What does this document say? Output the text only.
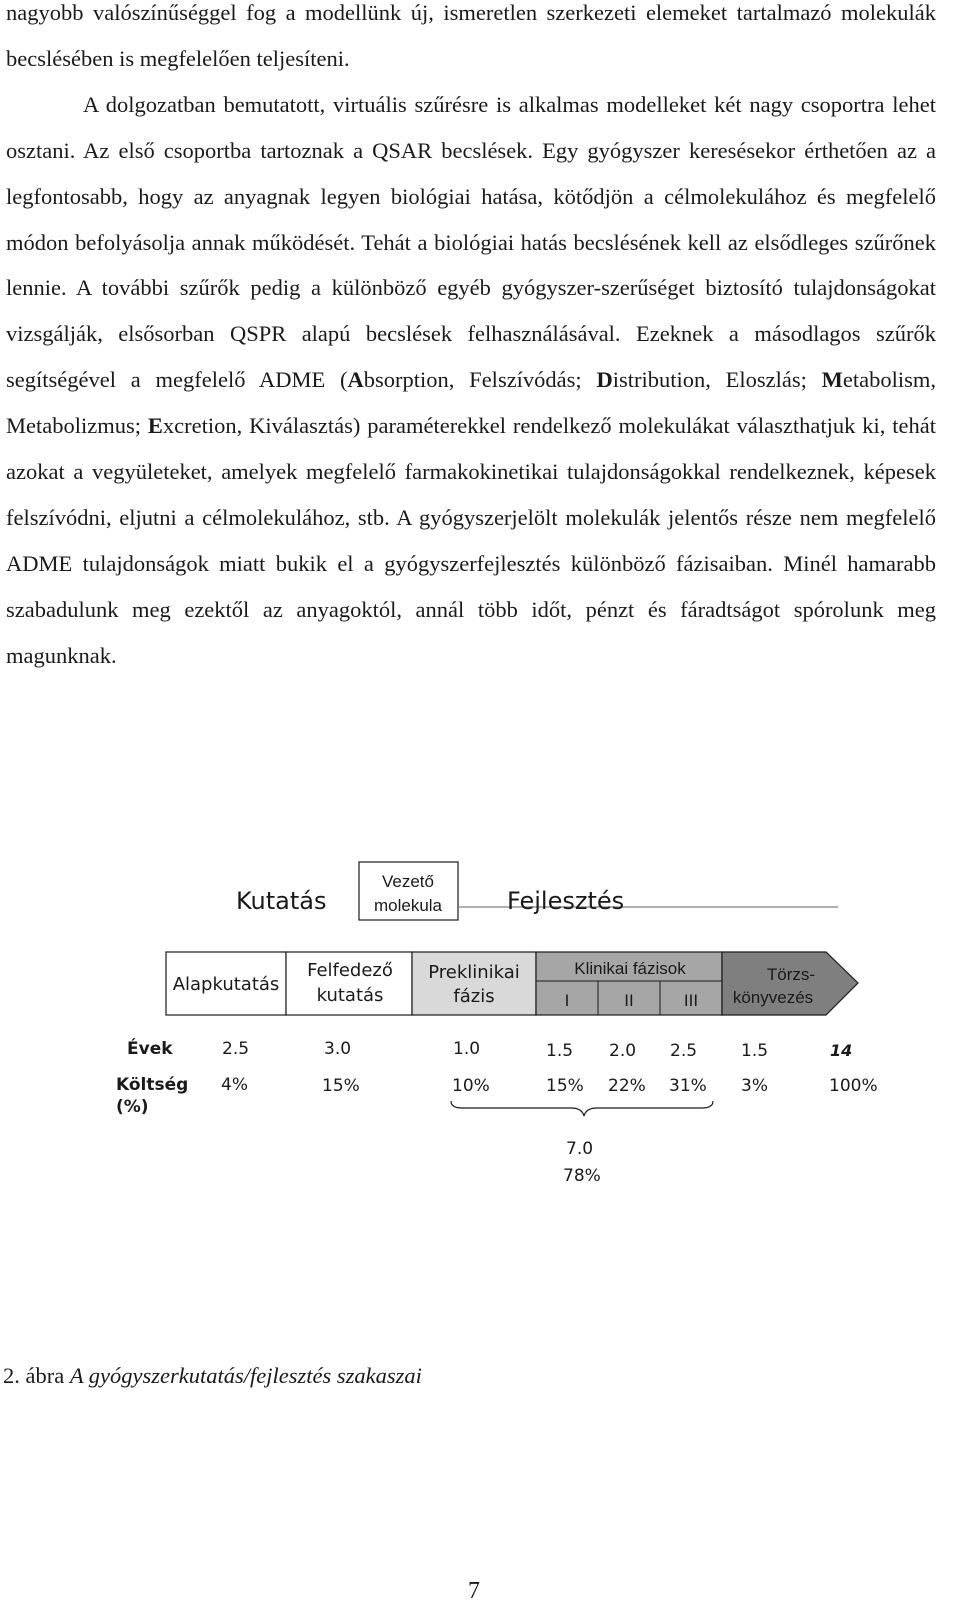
nagyobb valószínűséggel fog a modellünk új, ismeretlen szerkezeti elemeket tartalmazó molekulák becslésében is megfelelően teljesíteni.

A dolgozatban bemutatott, virtuális szűrésre is alkalmas modelleket két nagy csoportra lehet osztani. Az első csoportba tartoznak a QSAR becslések. Egy gyógyszer keresésekor érthetően az a legfontosabb, hogy az anyagnak legyen biológiai hatása, kötődjön a célmolekulához és megfelelő módon befolyásolja annak működését. Tehát a biológiai hatás becslésének kell az elsődleges szűrőnek lennie. A további szűrők pedig a különböző egyéb gyógyszer-szerűséget biztosító tulajdonságokat vizsgálják, elsősorban QSPR alapú becslések felhasználásával. Ezeknek a másodlagos szűrők segítségével a megfelelő ADME (Absorption, Felszívódás; Distribution, Eloszlás; Metabolism, Metabolizmus; Excretion, Kiválasztás) paraméterekkel rendelkező molekulákat választhatjuk ki, tehát azokat a vegyületeket, amelyek megfelelő farmakokinetikai tulajdonságokkal rendelkeznek, képesek felszívódni, eljutni a célmolekulához, stb. A gyógyszerjelölt molekulák jelentős része nem megfelelő ADME tulajdonságok miatt bukik el a gyógyszerfejlesztés különböző fázisaiban. Minél hamarabb szabadulunk meg ezektől az anyagoktól, annál több időt, pénzt és fáradtságot spórolunk meg magunknak.

Kutatás
Vezető
molekula	Fejlesztés
Alapkutatás
Felfedező
kutatás
Preklinikai
fázis
Klinikai fázisok
I	II	III
Törzs-
könyvezés
Évek	2.5	3.0	1.0	1.5 2.0 2.5	1.5	14
Költség
(%)
4%	15%	10%	15% 22% 31% 3%	100%
7.0
78%
2. ábra A gyógyszerkutatás/fejlesztés szakaszai
7
